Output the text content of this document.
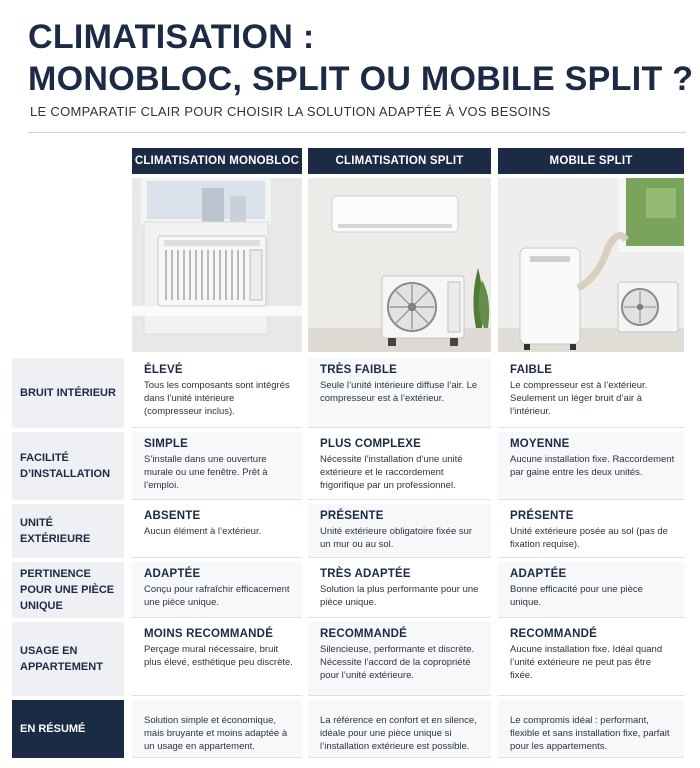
CLIMATISATION :
MONOBLOC, SPLIT OU MOBILE SPLIT ?
LE COMPARATIF CLAIR POUR CHOISIR LA SOLUTION ADAPTÉE À VOS BESOINS
CLIMATISATION MONOBLOC	CLIMATISATION SPLIT	MOBILE SPLIT
BRUIT INTÉRIEUR
ÉLEVÉ
Tous les composants sont intégrés dans l’unité intérieure (compresseur inclus).
TRÈS FAIBLE
Seule l’unité intérieure diffuse l’air. Le compresseur est à l’extérieur.
FAIBLE
Le compresseur est à l’extérieur. Seulement un léger bruit d’air à l’intérieur.
FACILITÉ D’INSTALLATION
SIMPLE
S’installe dans une ouverture murale ou une fenêtre. Prêt à l’emploi.
PLUS COMPLEXE
Nécessite l’installation d’une unité extérieure et le raccordement frigorifique par un professionnel.
MOYENNE
Aucune installation fixe. Raccordement par gaine entre les deux unités.
UNITÉ EXTÉRIEURE
ABSENTE
Aucun élément à l’extérieur.
PRÉSENTE
Unité extérieure obligatoire fixée sur un mur ou au sol.
PRÉSENTE
Unité extérieure posée au sol (pas de fixation requise).
PERTINENCE POUR UNE PIÈCE UNIQUE
ADAPTÉE
Conçu pour rafraîchir efficacement une pièce unique.
TRÈS ADAPTÉE
Solution la plus performante pour une pièce unique.
ADAPTÉE
Bonne efficacité pour une pièce unique.
USAGE EN APPARTEMENT
MOINS RECOMMANDÉ
Perçage mural nécessaire, bruit plus élevé, esthétique peu discrète.
RECOMMANDÉ
Silencieuse, performante et discrète. Nécessite l’accord de la copropriété pour l’unité extérieure.
RECOMMANDÉ
Aucune installation fixe. Idéal quand l’unité extérieure ne peut pas être fixée.
EN RÉSUMÉ
Solution simple et économique, mais bruyante et moins adaptée à un usage en appartement.
La référence en confort et en silence, idéale pour une pièce unique si l’installation extérieure est possible.
Le compromis idéal : performant, flexible et sans installation fixe, parfait pour les appartements.
